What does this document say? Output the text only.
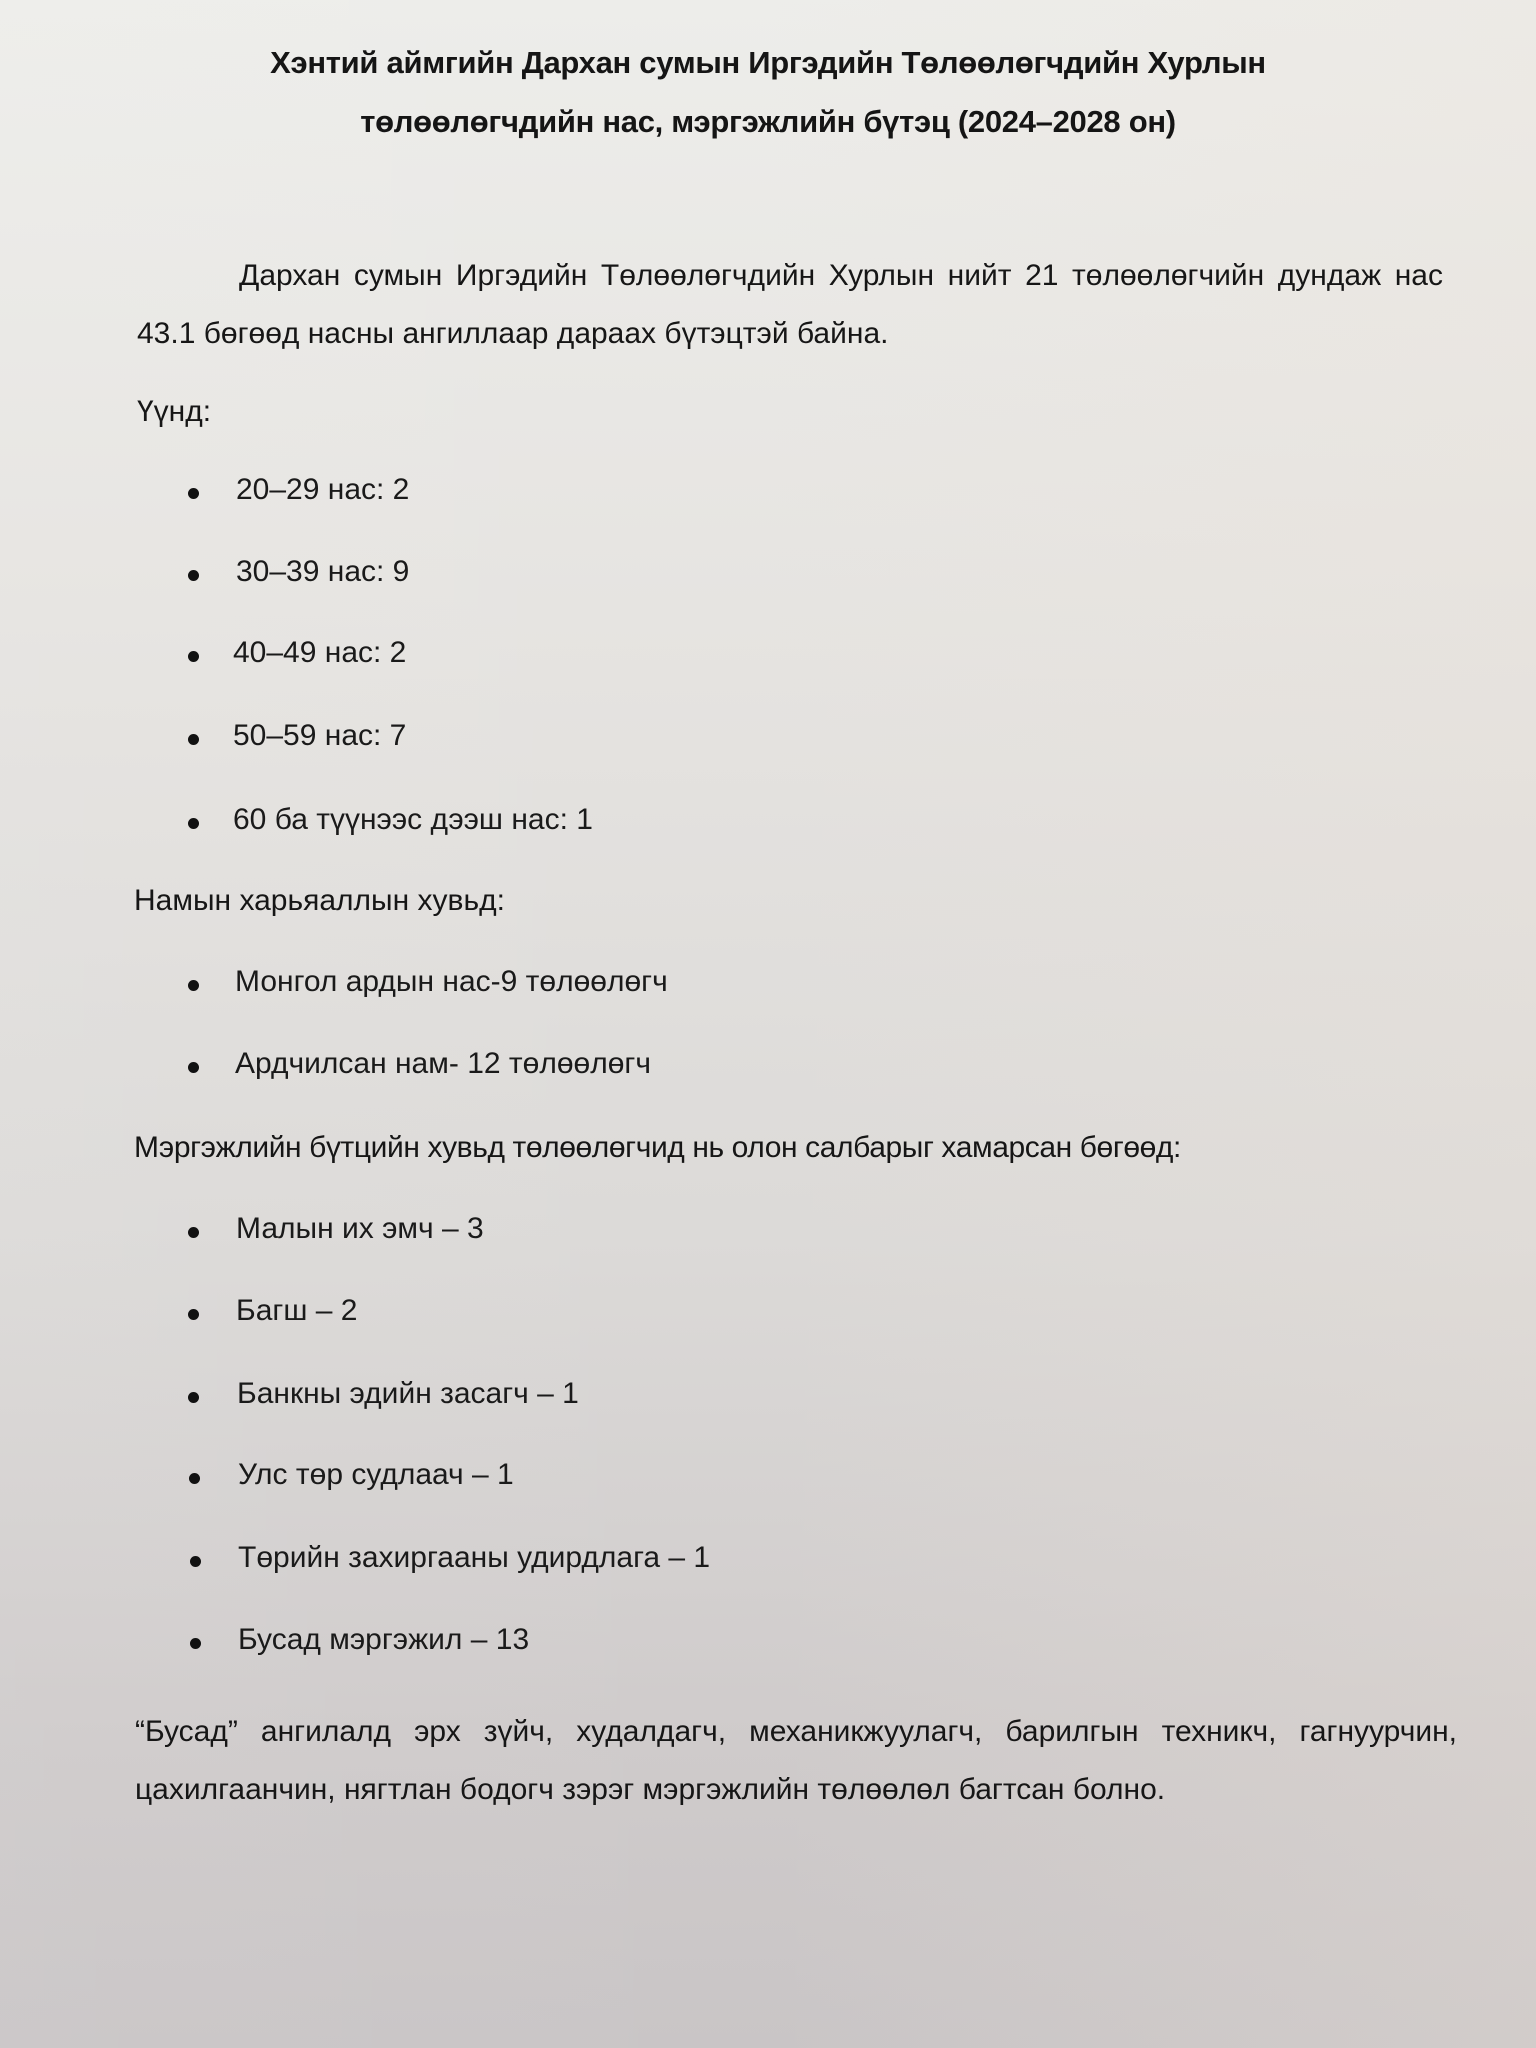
Хэнтий аймгийн Дархан сумын Иргэдийн Төлөөлөгчдийн Хурлын
төлөөлөгчдийн нас, мэргэжлийн бүтэц (2024–2028 он)
Дархан сумын Иргэдийн Төлөөлөгчдийн Хурлын нийт 21 төлөөлөгчийн дундаж нас 43.1 бөгөөд насны ангиллаар дараах бүтэцтэй байна.
Үүнд:
20–29 нас: 2
30–39 нас: 9
40–49 нас: 2
50–59 нас: 7
60 ба түүнээс дээш нас: 1
Намын харьяаллын хувьд:
Монгол ардын нас-9 төлөөлөгч
Ардчилсан нам- 12 төлөөлөгч
Мэргэжлийн бүтцийн хувьд төлөөлөгчид нь олон салбарыг хамарсан бөгөөд:
Малын их эмч – 3
Багш – 2
Банкны эдийн засагч – 1
Улс төр судлаач – 1
Төрийн захиргааны удирдлага – 1
Бусад мэргэжил – 13
“Бусад” ангилалд эрх зүйч, худалдагч, механикжуулагч, барилгын техникч, гагнуурчин, цахилгаанчин, нягтлан бодогч зэрэг мэргэжлийн төлөөлөл багтсан болно.
